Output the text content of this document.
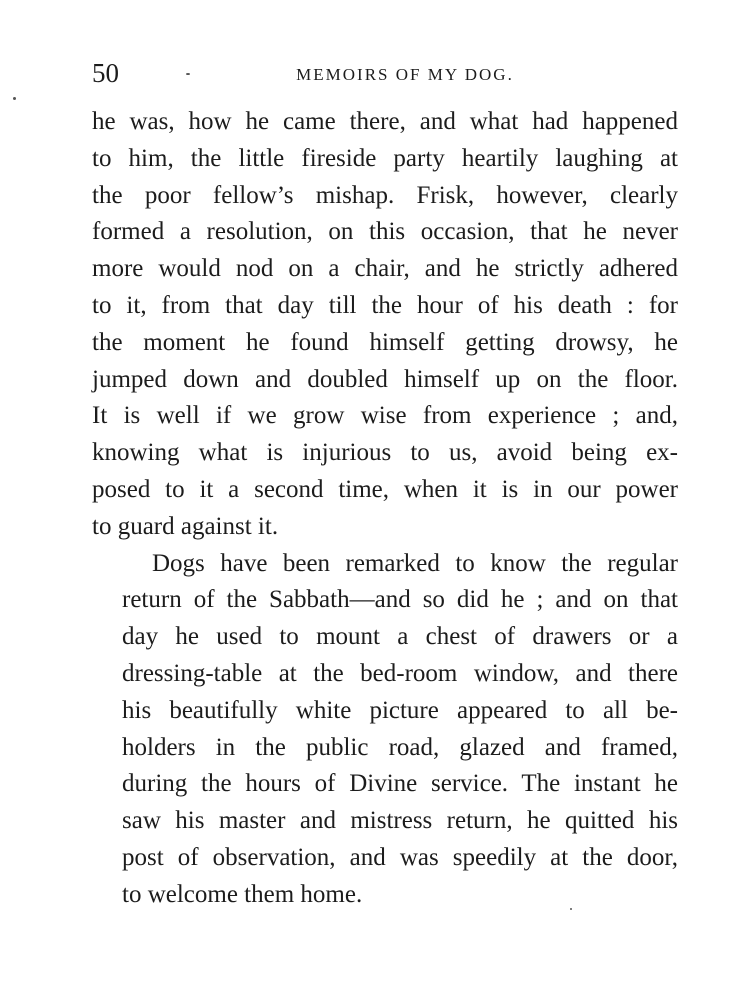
50	MEMOIRS OF MY DOG.

he was, how he came there, and what had happened
to him, the little fireside party heartily laughing at
the poor fellow’s mishap. Frisk, however, clearly
formed a resolution, on this occasion, that he never
more would nod on a chair, and he strictly adhered
to it, from that day till the hour of his death : for
the moment he found himself getting drowsy, he
jumped down and doubled himself up on the floor.
It is well if we grow wise from experience ; and,
knowing what is injurious to us, avoid being ex-
posed to it a second time, when it is in our power
to guard against it.

Dogs have been remarked to know the regular
return of the Sabbath—and so did he ; and on that
day he used to mount a chest of drawers or a
dressing-table at the bed-room window, and there
his beautifully white picture appeared to all be-
holders in the public road, glazed and framed,
during the hours of Divine service. The instant he
saw his master and mistress return, he quitted his
post of observation, and was speedily at the door,
to welcome them home.
